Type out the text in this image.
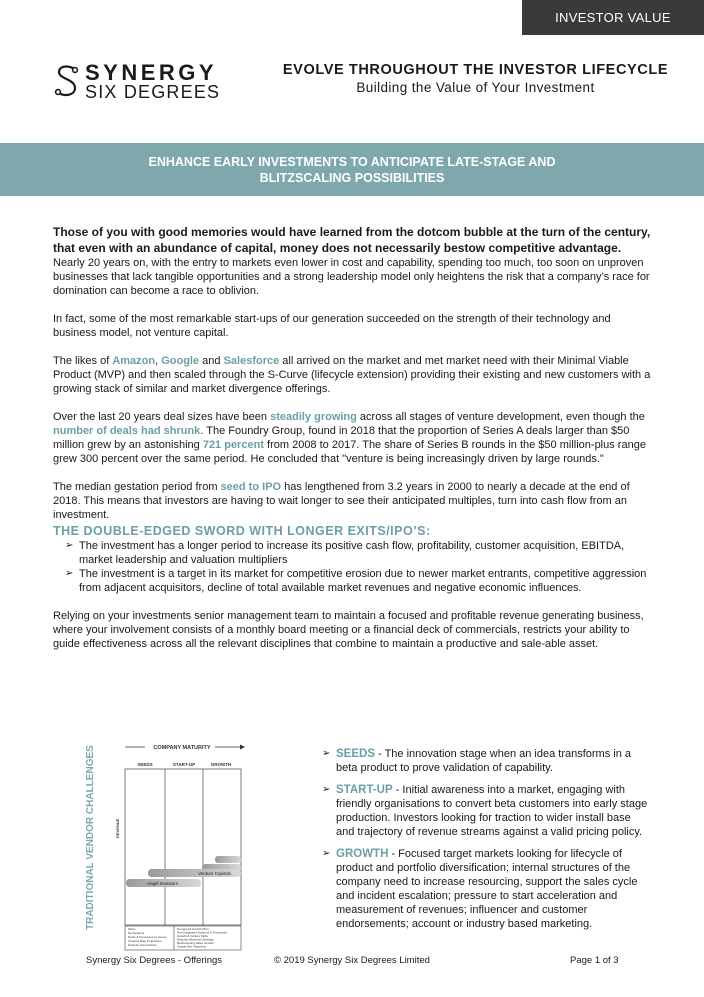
INVESTOR VALUE
SYNERGY
SIX DEGREES
EVOLVE THROUGHOUT THE INVESTOR LIFECYCLE
Building the Value of Your Investment
ENHANCE EARLY INVESTMENTS TO ANTICIPATE LATE-STAGE AND
BLITZSCALING POSSIBILITIES

Those of you with good memories would have learned from the dotcom bubble at the turn of the century, that even with an abundance of capital, money does not necessarily bestow competitive advantage. Nearly 20 years on, with the entry to markets even lower in cost and capability, spending too much, too soon on unproven businesses that lack tangible opportunities and a strong leadership model only heightens the risk that a company’s race for domination can become a race to oblivion.

In fact, some of the most remarkable start-ups of our generation succeeded on the strength of their technology and business model, not venture capital.

The likes of Amazon, Google and Salesforce all arrived on the market and met market need with their Minimal Viable Product (MVP) and then scaled through the S-Curve (lifecycle extension) providing their existing and new customers with a growing stack of similar and market divergence offerings.

Over the last 20 years deal sizes have been steadily growing across all stages of venture development, even though the number of deals had shrunk. The Foundry Group, found in 2018 that the proportion of Series A deals larger than $50 million grew by an astonishing 721 percent from 2008 to 2017. The share of Series B rounds in the $50 million-plus range grew 300 percent over the same period. He concluded that "venture is being increasingly driven by large rounds."

The median gestation period from seed to IPO has lengthened from 3.2 years in 2000 to nearly a decade at the end of 2018. This means that investors are having to wait longer to see their anticipated multiples, turn into cash flow from an investment.

THE DOUBLE-EDGED SWORD WITH LONGER EXITS/IPO’S:
➢ The investment has a longer period to increase its positive cash flow, profitability, customer acquisition, EBITDA, market leadership and valuation multipliers
➢ The investment is a target in its market for competitive erosion due to newer market entrants, competitive aggression from adjacent acquisitors, decline of total available market revenues and negative economic influences.

Relying on your investments senior management team to maintain a focused and profitable revenue generating business, where your involvement consists of a monthly board meeting or a financial deck of commercials, restricts your ability to guide effectiveness across all the relevant disciplines that combine to maintain a productive and sale-able asset.

TRADITIONAL VENDOR CHALLENGES	COMPANY MATURITY
SEEDS	START-UP	GROWTH
REVENUE
Venture Capitals
Angel Investors
Sales
No Systems
Roles & Processes by Gurus
Timeline Bias Projections
Network Connections
No Agreed Growth Plan
Non Integrated Systems & Processes
Growth & Culture Strife
Reactive Business Strategy
Restructuring Sales Growth
Scatter Bus Targeting
➢ SEEDS - The innovation stage when an idea transforms in a beta product to prove validation of capability.
➢ START-UP - Initial awareness into a market, engaging with friendly organisations to convert beta customers into early stage production. Investors looking for traction to wider install base and trajectory of revenue streams against a valid pricing policy.
➢ GROWTH - Focused target markets looking for lifecycle of product and portfolio diversification; internal structures of the company need to increase resourcing, support the sales cycle and incident escalation; pressure to start acceleration and measurement of revenues; influencer and customer endorsements; account or industry based marketing.
Synergy Six Degrees - Offerings	© 2019 Synergy Six Degrees Limited	Page 1 of 3
